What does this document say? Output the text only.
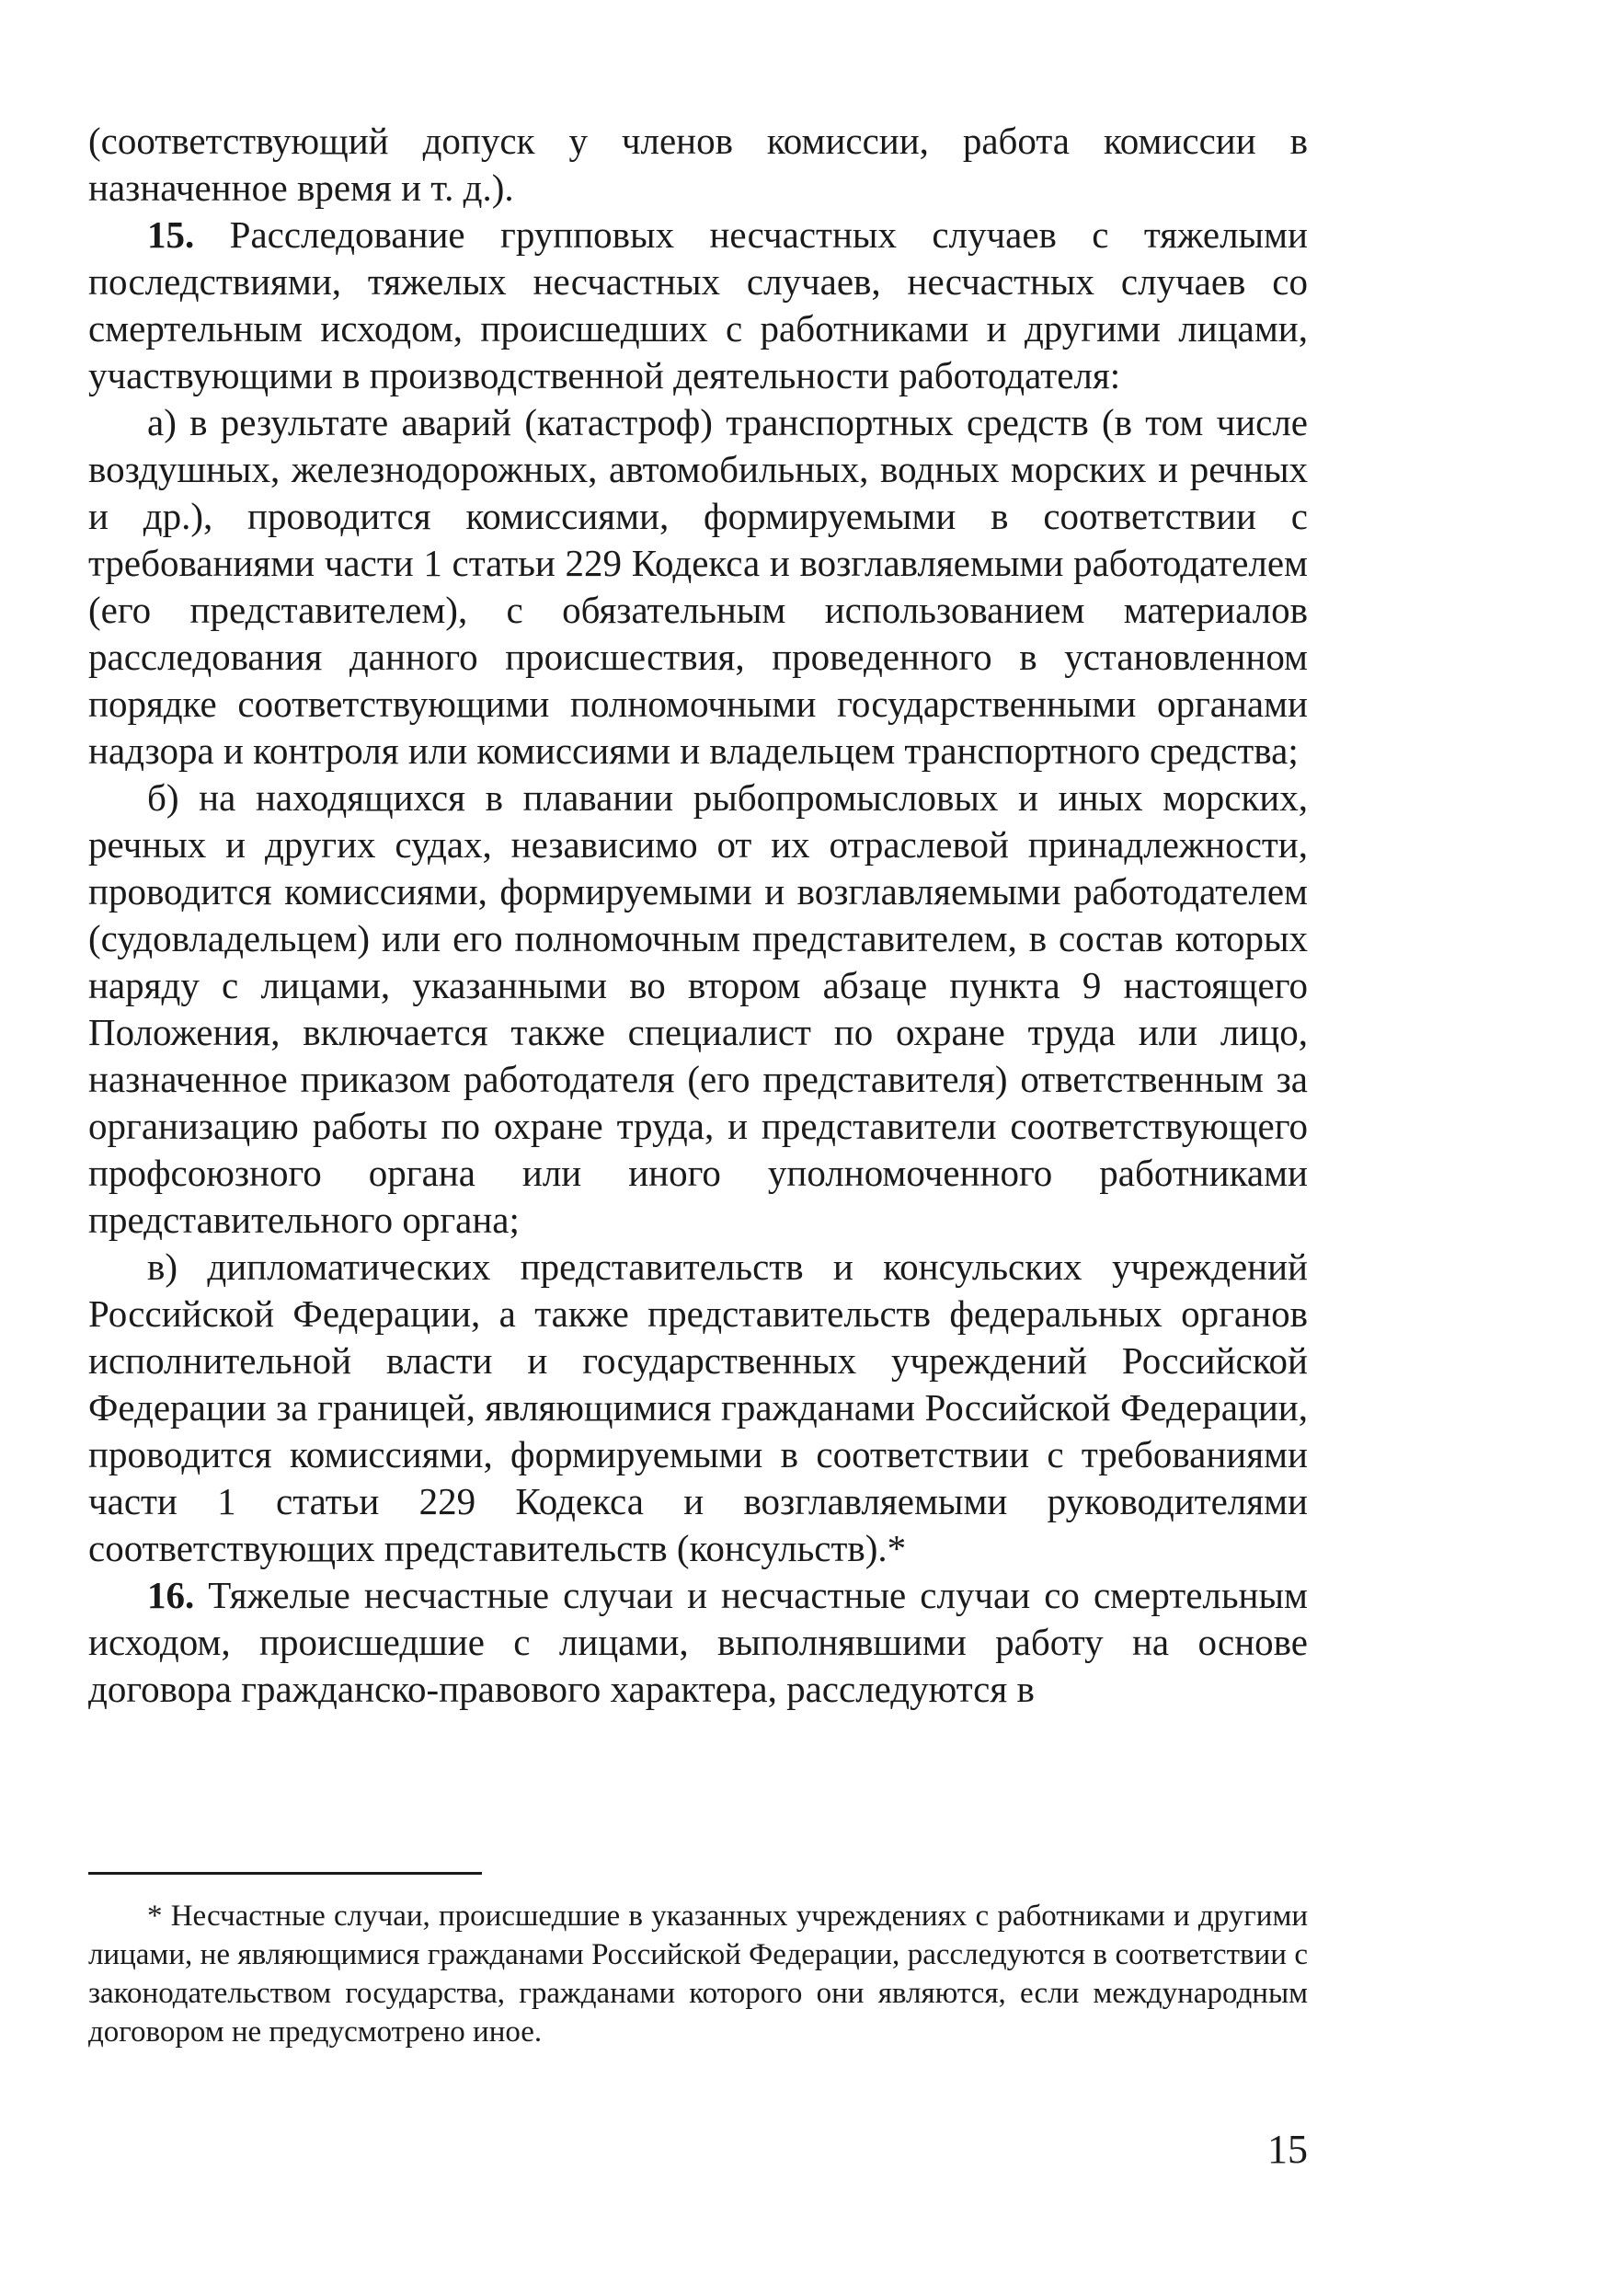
(соответствующий допуск у членов комиссии, работа комиссии в назначенное время и т. д.).

15. Расследование групповых несчастных случаев с тяжелыми последствиями, тяжелых несчастных случаев, несчастных случаев со смертельным исходом, происшедших с работниками и другими лицами, участвующими в производственной деятельности работодателя:

а) в результате аварий (катастроф) транспортных средств (в том числе воздушных, железнодорожных, автомобильных, водных морских и речных и др.), проводится комиссиями, формируемыми в соответствии с требованиями части 1 статьи 229 Кодекса и возглавляемыми работодателем (его представителем), с обязательным использованием материалов расследования данного происшествия, проведенного в установленном порядке соответствующими полномочными государственными органами надзора и контроля или комиссиями и владельцем транспортного средства;

б) на находящихся в плавании рыбопромысловых и иных морских, речных и других судах, независимо от их отраслевой принадлежности, проводится комиссиями, формируемыми и возглавляемыми работодателем (судовладельцем) или его полномочным представителем, в состав которых наряду с лицами, указанными во втором абзаце пункта 9 настоящего Положения, включается также специалист по охране труда или лицо, назначенное приказом работодателя (его представителя) ответственным за организацию работы по охране труда, и представители соответствующего профсоюзного органа или иного уполномоченного работниками представительного органа;

в) дипломатических представительств и консульских учреждений Российской Федерации, а также представительств федеральных органов исполнительной власти и государственных учреждений Российской Федерации за границей, являющимися гражданами Российской Федерации, проводится комиссиями, формируемыми в соответствии с требованиями части 1 статьи 229 Кодекса и возглавляемыми руководителями соответствующих представительств (консульств).*

16. Тяжелые несчастные случаи и несчастные случаи со смертельным исходом, происшедшие с лицами, выполнявшими работу на основе договора гражданско-правового характера, расследуются в

* Несчастные случаи, происшедшие в указанных учреждениях с работниками и другими лицами, не являющимися гражданами Российской Федерации, расследуются в соответствии с законодательством государства, гражданами которого они являются, если международным договором не предусмотрено иное.

15
